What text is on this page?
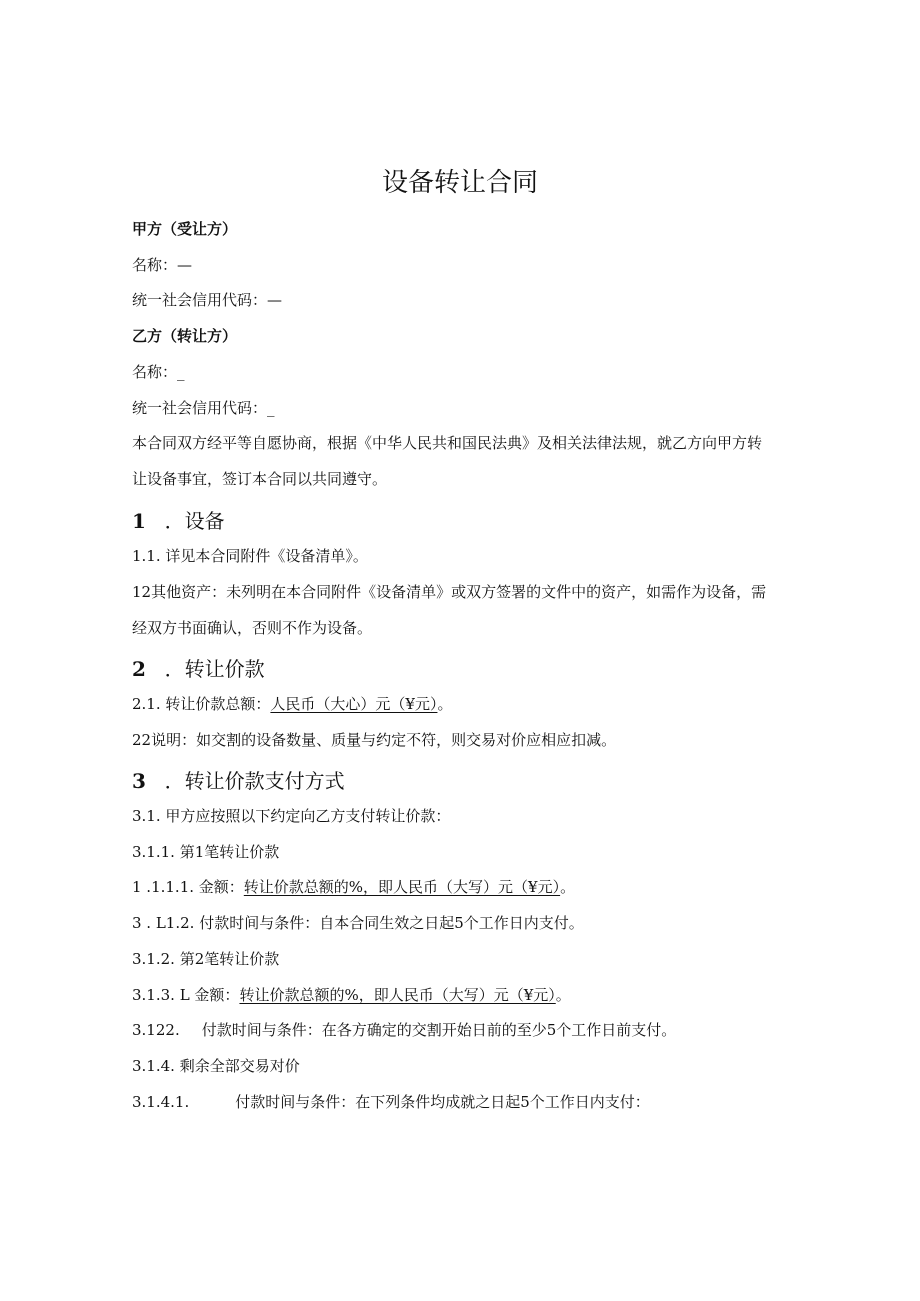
设备转让合同
甲方（受让方）
名称：—
统一社会信用代码：—
乙方（转让方）
名称：_
统一社会信用代码：_
本合同双方经平等自愿协商，根据《中华人民共和国民法典》及相关法律法规，就乙方向甲方转
让设备事宜，签订本合同以共同遵守。
1 ．设备
1.1. 详见本合同附件《设备清单》。
12其他资产：未列明在本合同附件《设备清单》或双方签署的文件中的资产，如需作为设备，需
经双方书面确认，否则不作为设备。
2 ．转让价款
2.1. 转让价款总额：人民币（大心）元（¥元）。
22说明：如交割的设备数量、质量与约定不符，则交易对价应相应扣减。
3 ．转让价款支付方式
3.1. 甲方应按照以下约定向乙方支付转让价款：
3.1.1. 第1笔转让价款
1 .1.1.1. 金额：转让价款总额的%，即人民币（大写）元（¥元）。
3 . L1.2. 付款时间与条件：自本合同生效之日起5个工作日内支付。
3.1.2. 第2笔转让价款
3.1.3. L 金额：转让价款总额的%，即人民币（大写）元（¥元）。
3.122. 付款时间与条件：在各方确定的交割开始日前的至少5个工作日前支付。
3.1.4. 剩余全部交易对价
3.1.4.1.	付款时间与条件：在下列条件均成就之日起5个工作日内支付：
